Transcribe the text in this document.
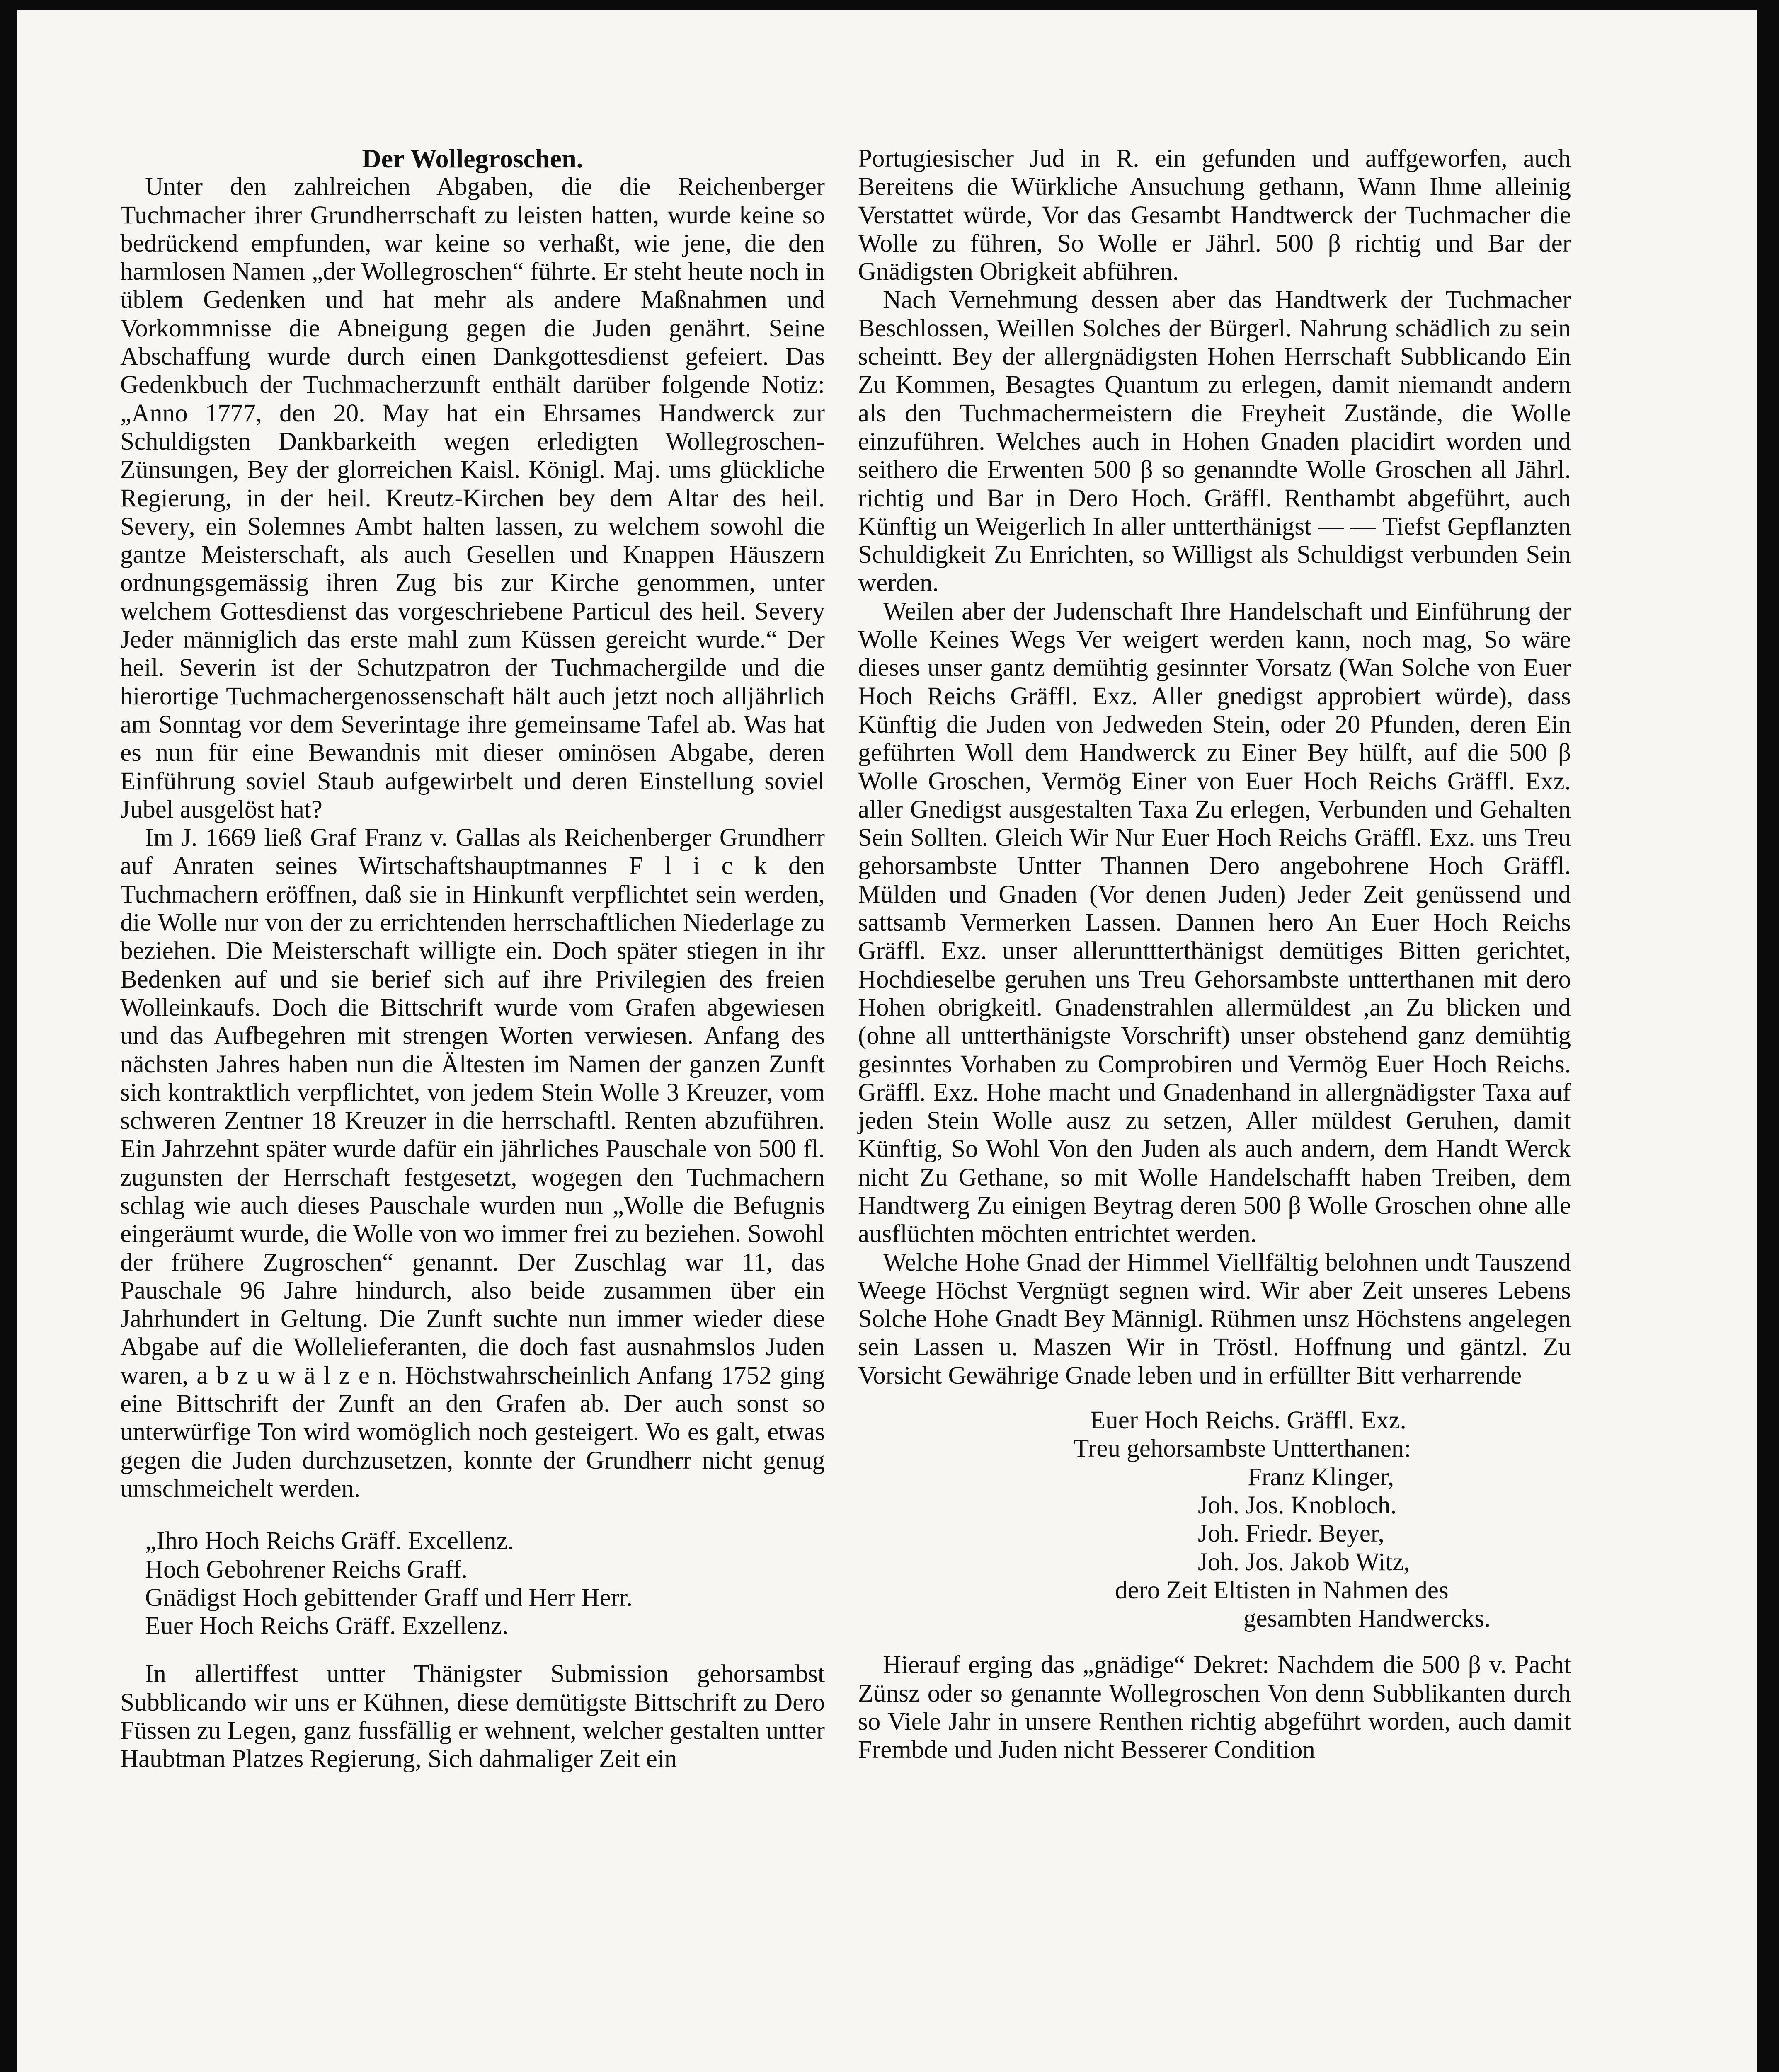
Der Wollegroschen.

Unter den zahlreichen Abgaben, die die Reichenberger Tuchmacher ihrer Grundherrschaft zu leisten hatten, wurde keine so bedrückend empfunden, war keine so verhaßt, wie jene, die den harmlosen Namen „der Wollegroschen“ führte. Er steht heute noch in üblem Gedenken und hat mehr als andere Maßnahmen und Vorkommnisse die Abneigung gegen die Juden genährt. Seine Abschaffung wurde durch einen Dankgottesdienst gefeiert. Das Gedenkbuch der Tuchmacherzunft enthält darüber folgende Notiz: „Anno 1777, den 20. May hat ein Ehrsames Handwerck zur Schuldigsten Dankbarkeith wegen erledigten Wollegroschen-Zünsungen, Bey der glorreichen Kaisl. Königl. Maj. ums glückliche Regierung, in der heil. Kreutz-Kirchen bey dem Altar des heil. Severy, ein Solemnes Ambt halten lassen, zu welchem sowohl die gantze Meisterschaft, als auch Gesellen und Knappen Häuszern ordnungsgemässig ihren Zug bis zur Kirche genommen, unter welchem Gottesdienst das vorgeschriebene Particul des heil. Severy Jeder männiglich das erste mahl zum Küssen gereicht wurde.“ Der heil. Severin ist der Schutzpatron der Tuchmachergilde und die hierortige Tuchmachergenossenschaft hält auch jetzt noch alljährlich am Sonntag vor dem Severintage ihre gemeinsame Tafel ab. Was hat es nun für eine Bewandnis mit dieser ominösen Abgabe, deren Einführung soviel Staub aufgewirbelt und deren Einstellung soviel Jubel ausgelöst hat?

Im J. 1669 ließ Graf Franz v. Gallas als Reichenberger Grundherr auf Anraten seines Wirtschaftshauptmannes F l i c k den Tuchmachern eröffnen, daß sie in Hinkunft verpflichtet sein werden, die Wolle nur von der zu errichtenden herrschaftlichen Niederlage zu beziehen. Die Meisterschaft willigte ein. Doch später stiegen in ihr Bedenken auf und sie berief sich auf ihre Privilegien des freien Wolleinkaufs. Doch die Bittschrift wurde vom Grafen abgewiesen und das Aufbegehren mit strengen Worten verwiesen. Anfang des nächsten Jahres haben nun die Ältesten im Namen der ganzen Zunft sich kontraktlich verpflichtet, von jedem Stein Wolle 3 Kreuzer, vom schweren Zentner 18 Kreuzer in die herrschaftl. Renten abzuführen. Ein Jahrzehnt später wurde dafür ein jährliches Pauschale von 500 fl. zugunsten der Herrschaft festgesetzt, wogegen den Tuchmachern schlag wie auch dieses Pauschale wurden nun „Wolle die Befugnis eingeräumt wurde, die Wolle von wo immer frei zu beziehen. Sowohl der frühere Zugroschen“ genannt. Der Zuschlag war 11, das Pauschale 96 Jahre hindurch, also beide zusammen über ein Jahrhundert in Geltung. Die Zunft suchte nun immer wieder diese Abgabe auf die Wollelieferanten, die doch fast ausnahmslos Juden waren, a b z u w ä l z e n. Höchstwahrscheinlich Anfang 1752 ging eine Bittschrift der Zunft an den Grafen ab. Der auch sonst so unterwürfige Ton wird womöglich noch gesteigert. Wo es galt, etwas gegen die Juden durchzusetzen, konnte der Grundherr nicht genug umschmeichelt werden.

„Ihro Hoch Reichs Gräff. Excellenz.
Hoch Gebohrener Reichs Graff.
Gnädigst Hoch gebittender Graff und Herr Herr.
Euer Hoch Reichs Gräff. Exzellenz.

In allertiffest untter Thänigster Submission gehorsambst Subblicando wir uns er Kühnen, diese demütigste Bittschrift zu Dero Füssen zu Legen, ganz fussfällig er wehnent, welcher gestalten untter Haubtman Platzes Regierung, Sich dahmaliger Zeit ein

Portugiesischer Jud in R. ein gefunden und auffgeworfen, auch Bereitens die Würkliche Ansuchung gethann, Wann Ihme alleinig Verstattet würde, Vor das Gesambt Handtwerck der Tuchmacher die Wolle zu führen, So Wolle er Jährl. 500 β richtig und Bar der Gnädigsten Obrigkeit abführen.

Nach Vernehmung dessen aber das Handtwerk der Tuchmacher Beschlossen, Weillen Solches der Bürgerl. Nahrung schädlich zu sein scheintt. Bey der allergnädigsten Hohen Herrschaft Subblicando Ein Zu Kommen, Besagtes Quantum zu erlegen, damit niemandt andern als den Tuchmachermeistern die Freyheit Zustände, die Wolle einzuführen. Welches auch in Hohen Gnaden placidirt worden und seithero die Erwenten 500 β so genanndte Wolle Groschen all Jährl. richtig und Bar in Dero Hoch. Gräffl. Renthambt abgeführt, auch Künftig un Weigerlich In aller untterthänigst — — Tiefst Gepflanzten Schuldigkeit Zu Enrichten, so Willigst als Schuldigst verbunden Sein werden.

Weilen aber der Judenschaft Ihre Handelschaft und Einführung der Wolle Keines Wegs Ver weigert werden kann, noch mag, So wäre dieses unser gantz demühtig gesinnter Vorsatz (Wan Solche von Euer Hoch Reichs Gräffl. Exz. Aller gnedigst approbiert würde), dass Künftig die Juden von Jedweden Stein, oder 20 Pfunden, deren Ein geführten Woll dem Handwerck zu Einer Bey hülft, auf die 500 β Wolle Groschen, Vermög Einer von Euer Hoch Reichs Gräffl. Exz. aller Gnedigst ausgestalten Taxa Zu erlegen, Verbunden und Gehalten Sein Sollten. Gleich Wir Nur Euer Hoch Reichs Gräffl. Exz. uns Treu gehorsambste Untter Thannen Dero angebohrene Hoch Gräffl. Mülden und Gnaden (Vor denen Juden) Jeder Zeit genüssend und sattsamb Vermerken Lassen. Dannen hero An Euer Hoch Reichs Gräffl. Exz. unser allerunttterthänigst demütiges Bitten gerichtet, Hochdieselbe geruhen uns Treu Gehorsambste untterthanen mit dero Hohen obrigkeitl. Gnadenstrahlen allermüldest ,an Zu blicken und (ohne all untterthänigste Vorschrift) unser obstehend ganz demühtig gesinntes Vorhaben zu Comprobiren und Vermög Euer Hoch Reichs. Gräffl. Exz. Hohe macht und Gnadenhand in allergnädigster Taxa auf jeden Stein Wolle ausz zu setzen, Aller müldest Geruhen, damit Künftig, So Wohl Von den Juden als auch andern, dem Handt Werck nicht Zu Gethane, so mit Wolle Handelschafft haben Treiben, dem Handtwerg Zu einigen Beytrag deren 500 β Wolle Groschen ohne alle ausflüchten möchten entrichtet werden.

Welche Hohe Gnad der Himmel Viellfältig belohnen undt Tauszend Weege Höchst Vergnügt segnen wird. Wir aber Zeit unseres Lebens Solche Hohe Gnadt Bey Männigl. Rühmen unsz Höchstens angelegen sein Lassen u. Maszen Wir in Tröstl. Hoffnung und gäntzl. Zu Vorsicht Gewährige Gnade leben und in erfüllter Bitt verharrende

Euer Hoch Reichs. Gräffl. Exz.
Treu gehorsambste Untterthanen:
Franz Klinger,
Joh. Jos. Knobloch.
Joh. Friedr. Beyer,
Joh. Jos. Jakob Witz,
dero Zeit Eltisten in Nahmen des
gesambten Handwercks.

Hierauf erging das „gnädige“ Dekret: Nachdem die 500 β v. Pacht Zünsz oder so genannte Wollegroschen Von denn Subblikanten durch so Viele Jahr in unsere Renthen richtig abgeführt worden, auch damit Frembde und Juden nicht Besserer Condition
